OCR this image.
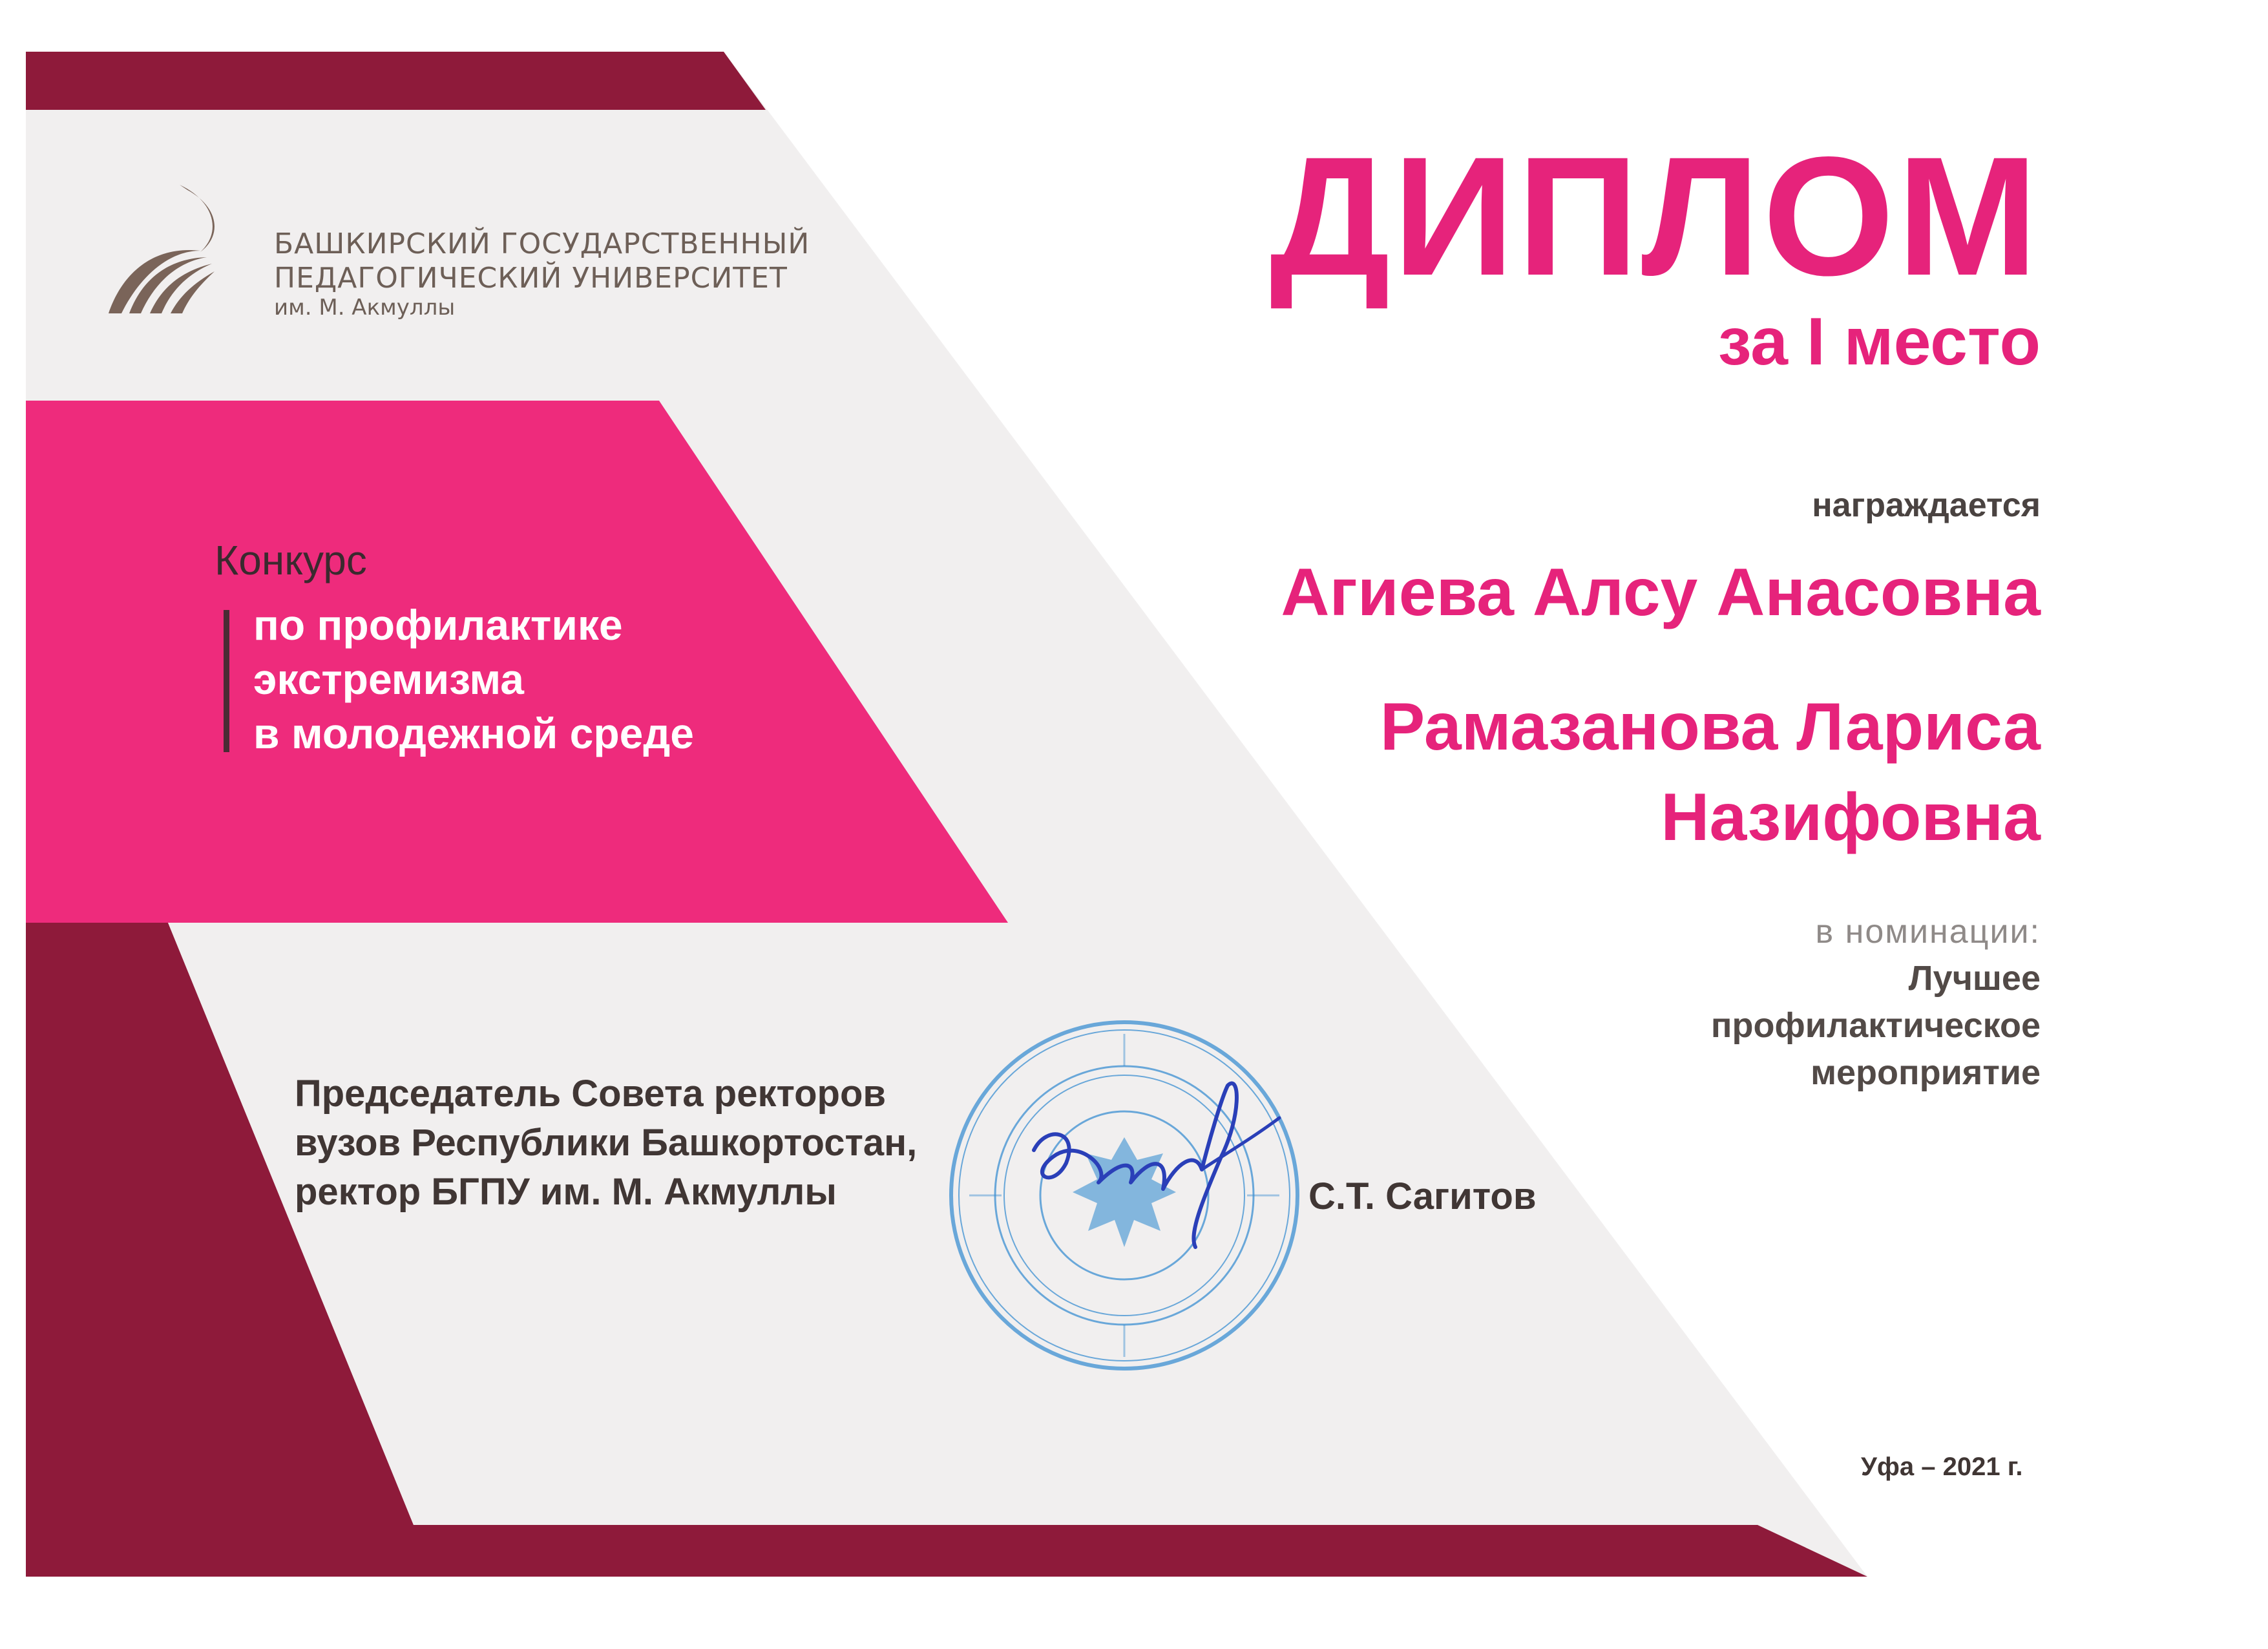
БАШКИРСКИЙ ГОСУДАРСТВЕННЫЙ
ПЕДАГОГИЧЕСКИЙ УНИВЕРСИТЕТ
им. М. Акмуллы
Конкурс
по профилактике
экстремизма
в молодежной среде
ДИПЛОМ
за I место
награждается
Агиева Алсу Анасовна
Рамазанова Лариса
Назифовна
в номинации:
Лучшее
профилактическое
мероприятие
Председатель Совета ректоров
вузов Республики Башкортостан,
ректор БГПУ им. М. Акмуллы	С.Т. Сагитов
Уфа – 2021 г.
